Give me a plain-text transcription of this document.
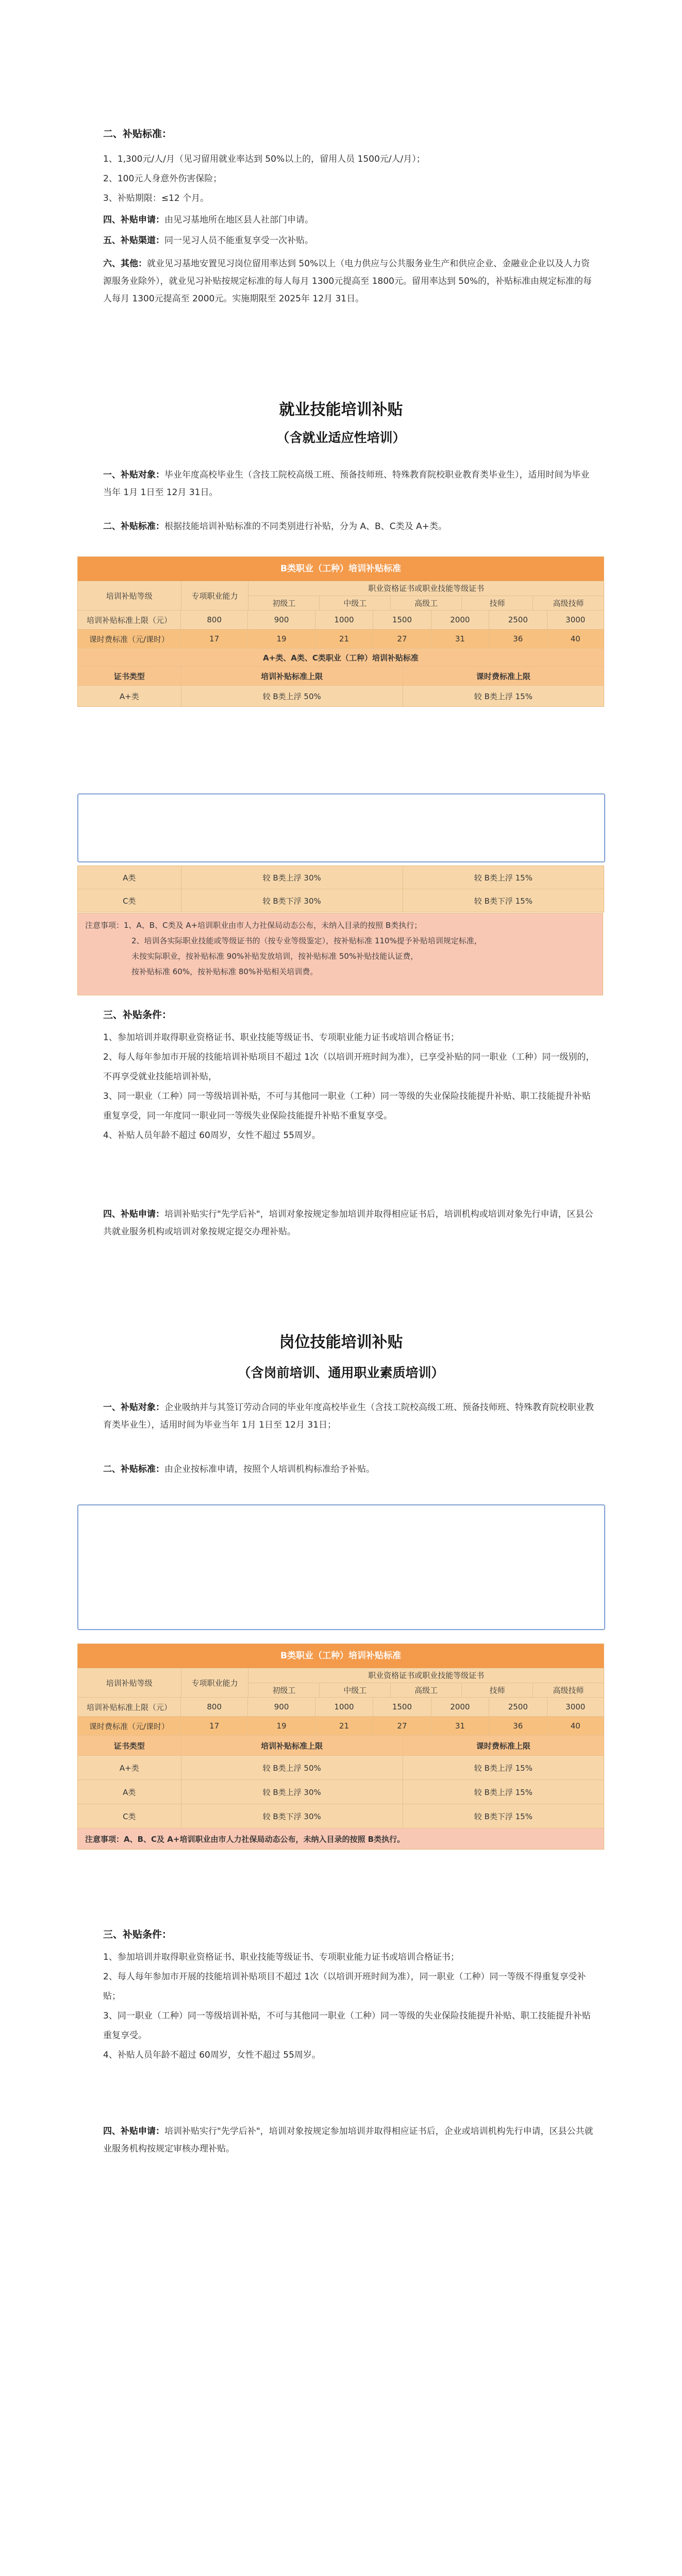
二、补贴标准：
1、1,300元/人/月（见习留用就业率达到 50%以上的，留用人员 1500元/人/月）；
2、100元人身意外伤害保险；
3、补贴期限：≤12 个月。
四、补贴申请：由见习基地所在地区县人社部门申请。
五、补贴渠道：同一见习人员不能重复享受一次补贴。
六、其他：就业见习基地安置见习岗位留用率达到 50%以上（电力供应与公共服务业生产和供应企业、金融业企业以及人力资源服务业除外），就业见习补贴按规定标准的每人每月 1300元提高至 1800元。留用率达到 50%的，补贴标准由规定标准的每人每月 1300元提高至 2000元。实施期限至 2025年 12月 31日。
就业技能培训补贴
（含就业适应性培训）
一、补贴对象：毕业年度高校毕业生（含技工院校高级工班、预备技师班、特殊教育院校职业教育类毕业生），适用时间为毕业当年 1月 1日至 12月 31日。
二、补贴标准：根据技能培训补贴标准的不同类别进行补贴，分为 A、B、C类及 A+类。
B类职业（工种）培训补贴标准
培训补贴等级	专项职业能力
职业资格证书或职业技能等级证书
初级工	中级工	高级工	技师	高级技师
培训补贴标准上限（元）	800	900	1000	1500	2000	2500	3000
课时费标准（元/课时）	17	19	21	27	31	36	40
A+类、A类、C类职业（工种）培训补贴标准
证书类型	培训补贴标准上限	课时费标准上限
A+类	较 B类上浮 50%	较 B类上浮 15%
A类	较 B类上浮 30%	较 B类上浮 15%
C类	较 B类下浮 30%	较 B类下浮 15%
注意事项：1、A、B、C类及 A+培训职业由市人力社保局动态公布，未纳入目录的按照 B类执行；
2、培训各实际职业技能或等级证书的（按专业等级鉴定），按补贴标准 110%提予补贴培训规定标准，
未按实际职业，按补贴标准 90%补贴发放培训，按补贴标准 50%补贴技能认证费，
按补贴标准 60%，按补贴标准 80%补贴相关培训费。
三、补贴条件：
1、参加培训并取得职业资格证书、职业技能等级证书、专项职业能力证书或培训合格证书；
2、每人每年参加市开展的技能培训补贴项目不超过 1次（以培训开班时间为准），已享受补贴的同一职业（工种）同一级别的，不再享受就业技能培训补贴，
3、同一职业（工种）同一等级培训补贴，不可与其他同一职业（工种）同一等级的失业保险技能提升补贴、职工技能提升补贴重复享受，同一年度同一职业同一等级失业保险技能提升补贴不重复享受。
4、补贴人员年龄不超过 60周岁，女性不超过 55周岁。
四、补贴申请：培训补贴实行"先学后补"，培训对象按规定参加培训并取得相应证书后，培训机构或培训对象先行申请，区县公共就业服务机构或培训对象按规定提交办理补贴。
岗位技能培训补贴
（含岗前培训、通用职业素质培训）
一、补贴对象：企业吸纳并与其签订劳动合同的毕业年度高校毕业生（含技工院校高级工班、预备技师班、特殊教育院校职业教育类毕业生），适用时间为毕业当年 1月 1日至 12月 31日；
二、补贴标准：由企业按标准申请，按照个人培训机构标准给予补贴。
B类职业（工种）培训补贴标准
培训补贴等级	专项职业能力
职业资格证书或职业技能等级证书
初级工	中级工	高级工	技师	高级技师
培训补贴标准上限（元）	800	900	1000	1500	2000	2500	3000
课时费标准（元/课时）	17	19	21	27	31	36	40
证书类型	培训补贴标准上限	课时费标准上限
A+类	较 B类上浮 50%	较 B类上浮 15%
A类	较 B类上浮 30%	较 B类上浮 15%
C类	较 B类下浮 30%	较 B类下浮 15%
注意事项：A、B、C及 A+培训职业由市人力社保局动态公布，未纳入目录的按照 B类执行。
三、补贴条件：
1、参加培训并取得职业资格证书、职业技能等级证书、专项职业能力证书或培训合格证书；
2、每人每年参加市开展的技能培训补贴项目不超过 1次（以培训开班时间为准），同一职业（工种）同一等级不得重复享受补贴；
3、同一职业（工种）同一等级培训补贴，不可与其他同一职业（工种）同一等级的失业保险技能提升补贴、职工技能提升补贴重复享受。
4、补贴人员年龄不超过 60周岁，女性不超过 55周岁。
四、补贴申请：培训补贴实行"先学后补"，培训对象按规定参加培训并取得相应证书后，企业或培训机构先行申请，区县公共就业服务机构按规定审核办理补贴。
